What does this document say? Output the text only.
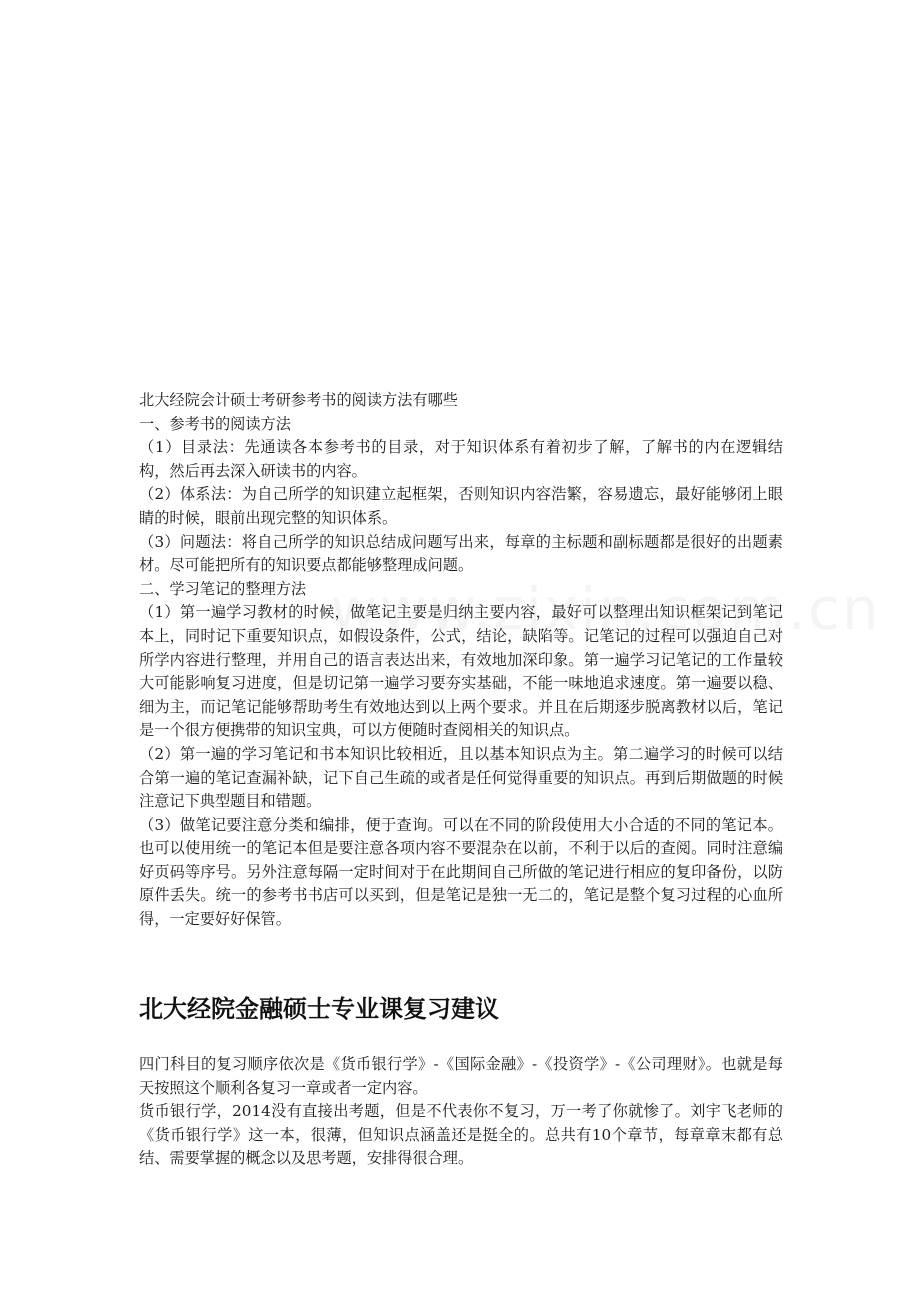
北大经院会计硕士考研参考书的阅读方法有哪些

一、参考书的阅读方法

（1）目录法：先通读各本参考书的目录，对于知识体系有着初步了解，了解书的内在逻辑结构，然后再去深入研读书的内容。

（2）体系法：为自己所学的知识建立起框架，否则知识内容浩繁，容易遗忘，最好能够闭上眼睛的时候，眼前出现完整的知识体系。

（3）问题法：将自己所学的知识总结成问题写出来，每章的主标题和副标题都是很好的出题素材。尽可能把所有的知识要点都能够整理成问题。

二、学习笔记的整理方法

（1）第一遍学习教材的时候，做笔记主要是归纳主要内容，最好可以整理出知识框架记到笔记本上，同时记下重要知识点，如假设条件，公式，结论，缺陷等。记笔记的过程可以强迫自己对所学内容进行整理，并用自己的语言表达出来，有效地加深印象。第一遍学习记笔记的工作量较大可能影响复习进度，但是切记第一遍学习要夯实基础，不能一味地追求速度。第一遍要以稳、细为主，而记笔记能够帮助考生有效地达到以上两个要求。并且在后期逐步脱离教材以后，笔记是一个很方便携带的知识宝典，可以方便随时查阅相关的知识点。

（2）第一遍的学习笔记和书本知识比较相近，且以基本知识点为主。第二遍学习的时候可以结合第一遍的笔记查漏补缺，记下自己生疏的或者是任何觉得重要的知识点。再到后期做题的时候注意记下典型题目和错题。

（3）做笔记要注意分类和编排，便于查询。可以在不同的阶段使用大小合适的不同的笔记本。也可以使用统一的笔记本但是要注意各项内容不要混杂在以前，不利于以后的查阅。同时注意编好页码等序号。另外注意每隔一定时间对于在此期间自己所做的笔记进行相应的复印备份，以防原件丢失。统一的参考书书店可以买到，但是笔记是独一无二的，笔记是整个复习过程的心血所得，一定要好好保管。

北大经院金融硕士专业课复习建议

四门科目的复习顺序依次是《货币银行学》-《国际金融》-《投资学》-《公司理财》。也就是每天按照这个顺利各复习一章或者一定内容。

货币银行学，2014没有直接出考题，但是不代表你不复习，万一考了你就惨了。刘宇飞老师的《货币银行学》这一本，很薄，但知识点涵盖还是挺全的。总共有10个章节，每章章末都有总结、需要掌握的概念以及思考题，安排得很合理。
